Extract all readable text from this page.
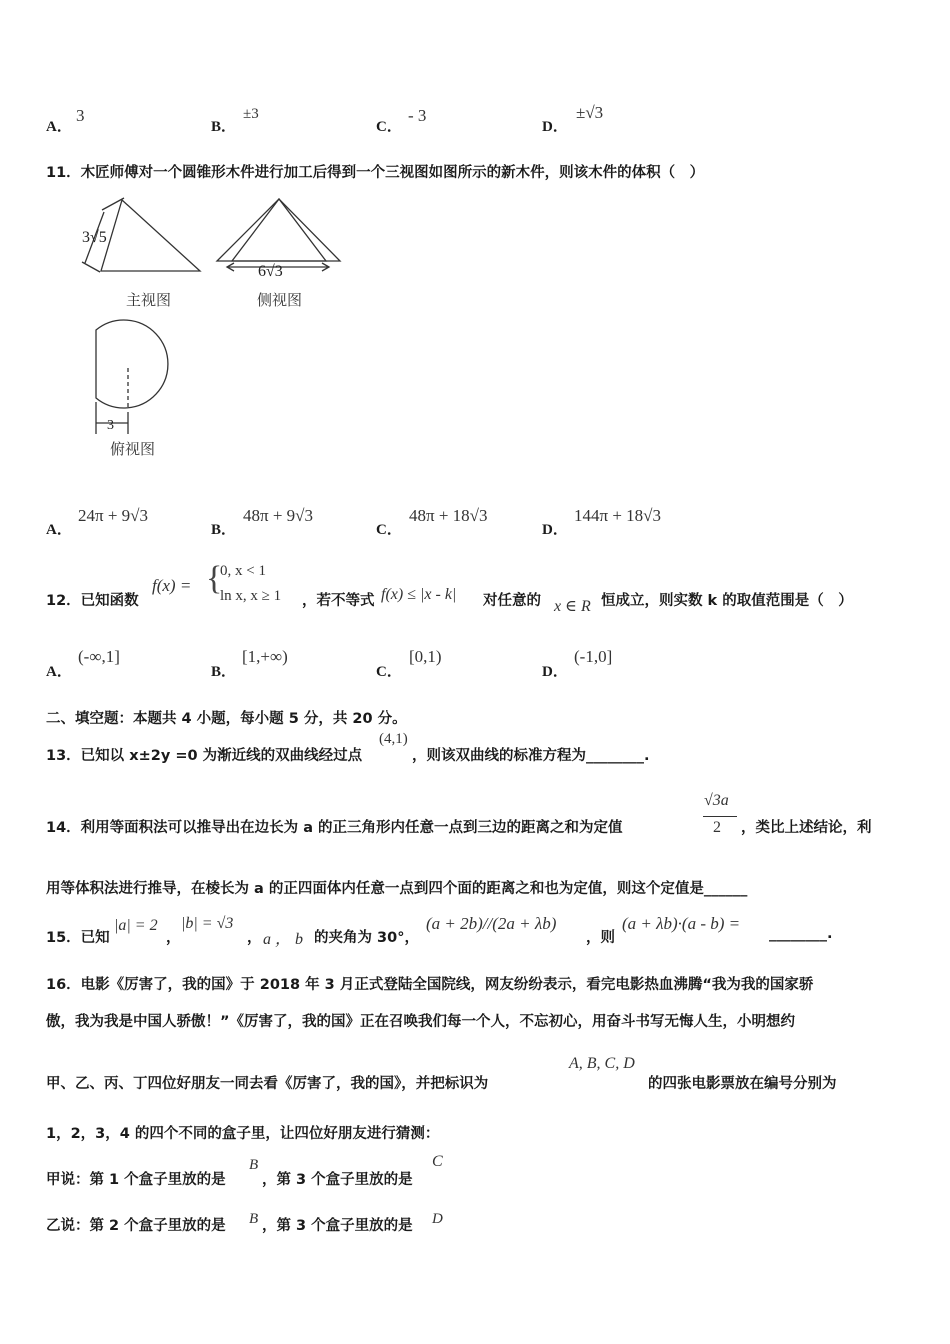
A．
3
B．
±3
C．
- 3
D．
±√3
11．木匠师傅对一个圆锥形木件进行加工后得到一个三视图如图所示的新木件，则该木件的体积（　）
3√5
主视图
6√3
侧视图
3
俯视图
A．
24π + 9√3
B．
48π + 9√3
C．
48π + 18√3
D．
144π + 18√3
12．已知函数
f(x) = {
0, x < 1
ln x, x ≥ 1 ，若不等式 f(x) ≤ |x - k| 对任意的 x ∈ R 恒成立，则实数 k 的取值范围是（　）
A．
(-∞,1]
B．
[1,+∞)
C．
[0,1)
D．
(-1,0]
二、填空题：本题共 4 小题，每小题 5 分，共 20 分。
13．已知以 x±2y =0 为渐近线的双曲线经过点
(4,1)
，则该双曲线的标准方程为________.
14．利用等面积法可以推导出在边长为 a 的正三角形内任意一点到三边的距离之和为定值
√3a
2 ，类比上述结论，利
用等体积法进行推导，在棱长为 a 的正四面体内任意一点到四个面的距离之和也为定值，则这个定值是______
15．已知
|a| = 2
，
|b| = √3
， a ， b 的夹角为 30°，
(a + 2b)//(2a + λb)
，则
(a + λb)·(a - b) =
________.
16．电影《厉害了，我的国》于 2018 年 3 月正式登陆全国院线，网友纷纷表示，看完电影热血沸腾“我为我的国家骄
傲，我为我是中国人骄傲！”《厉害了，我的国》正在召唤我们每一个人，不忘初心，用奋斗书写无悔人生，小明想约
甲、乙、丙、丁四位好朋友一同去看《厉害了，我的国》，并把标识为
A, B, C, D
的四张电影票放在编号分别为
1，2，3，4 的四个不同的盒子里，让四位好朋友进行猜测：
甲说：第 1 个盒子里放的是
B
，第 3 个盒子里放的是
C
乙说：第 2 个盒子里放的是 B ，第 3 个盒子里放的是 D
